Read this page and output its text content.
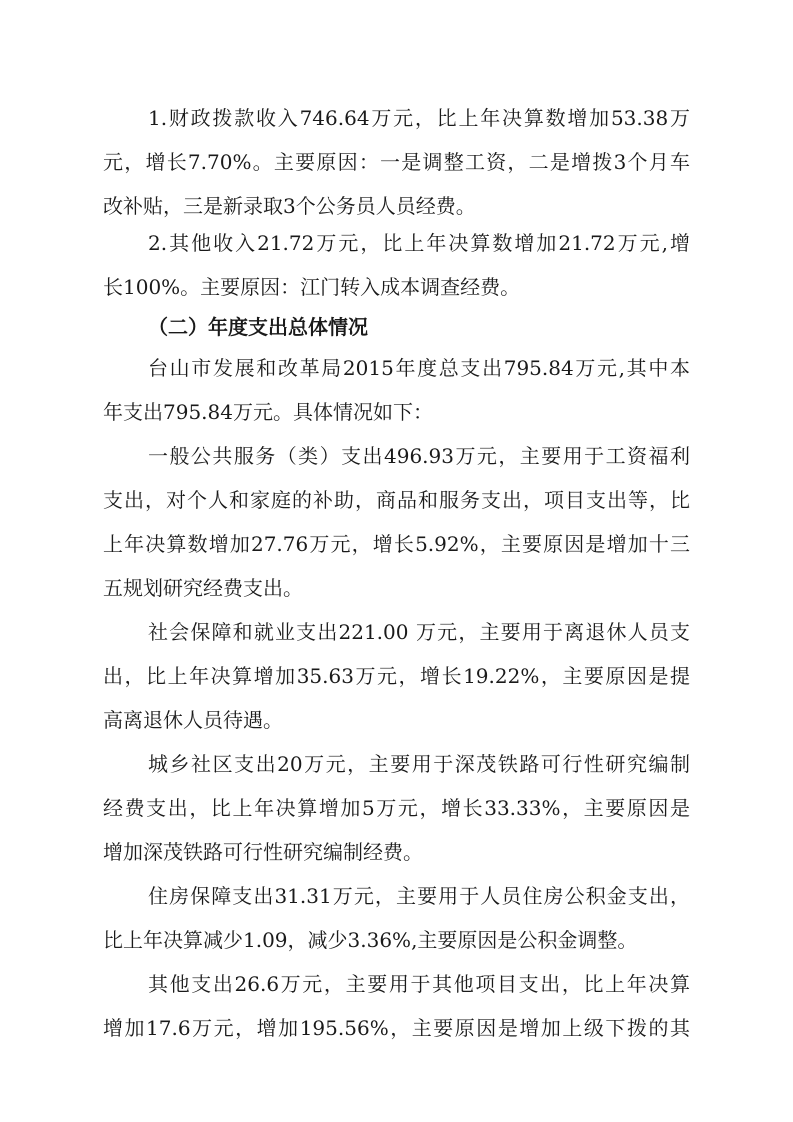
1.财政拨款收入746.64万元，比上年决算数增加53.38万

元，增长7.70%。主要原因：一是调整工资，二是增拨3个月车

改补贴，三是新录取3个公务员人员经费。

2.其他收入21.72万元，比上年决算数增加21.72万元,增

长100%。主要原因：江门转入成本调查经费。

（二）年度支出总体情况

台山市发展和改革局2015年度总支出795.84万元,其中本

年支出795.84万元。具体情况如下：

一般公共服务（类）支出496.93万元，主要用于工资福利

支出，对个人和家庭的补助，商品和服务支出，项目支出等，比

上年决算数增加27.76万元，增长5.92%，主要原因是增加十三

五规划研究经费支出。

社会保障和就业支出221.00 万元，主要用于离退休人员支

出，比上年决算增加35.63万元，增长19.22%，主要原因是提

高离退休人员待遇。

城乡社区支出20万元，主要用于深茂铁路可行性研究编制

经费支出，比上年决算增加5万元，增长33.33%，主要原因是

增加深茂铁路可行性研究编制经费。

住房保障支出31.31万元，主要用于人员住房公积金支出，

比上年决算减少1.09，减少3.36%,主要原因是公积金调整。

其他支出26.6万元，主要用于其他项目支出，比上年决算

增加17.6万元，增加195.56%，主要原因是增加上级下拨的其
